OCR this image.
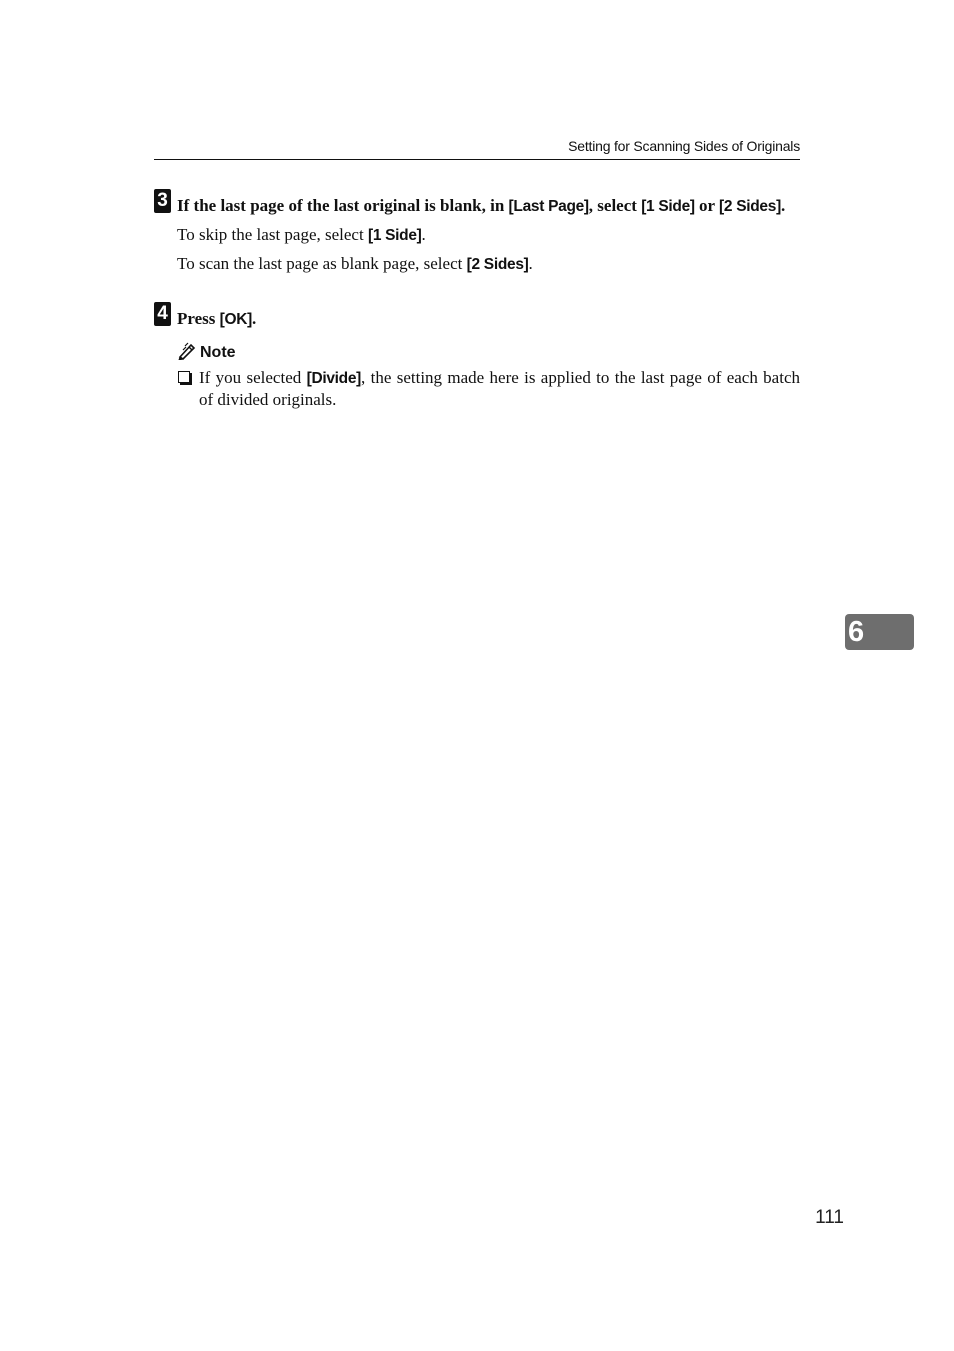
Setting for Scanning Sides of Originals
3 If the last page of the last original is blank, in [Last Page], select [1 Side] or [2 Sides].
To skip the last page, select [1 Side].
To scan the last page as blank page, select [2 Sides].
4 Press [OK].
Note
If you selected [Divide], the setting made here is applied to the last page of each batch of divided originals.
6
111
